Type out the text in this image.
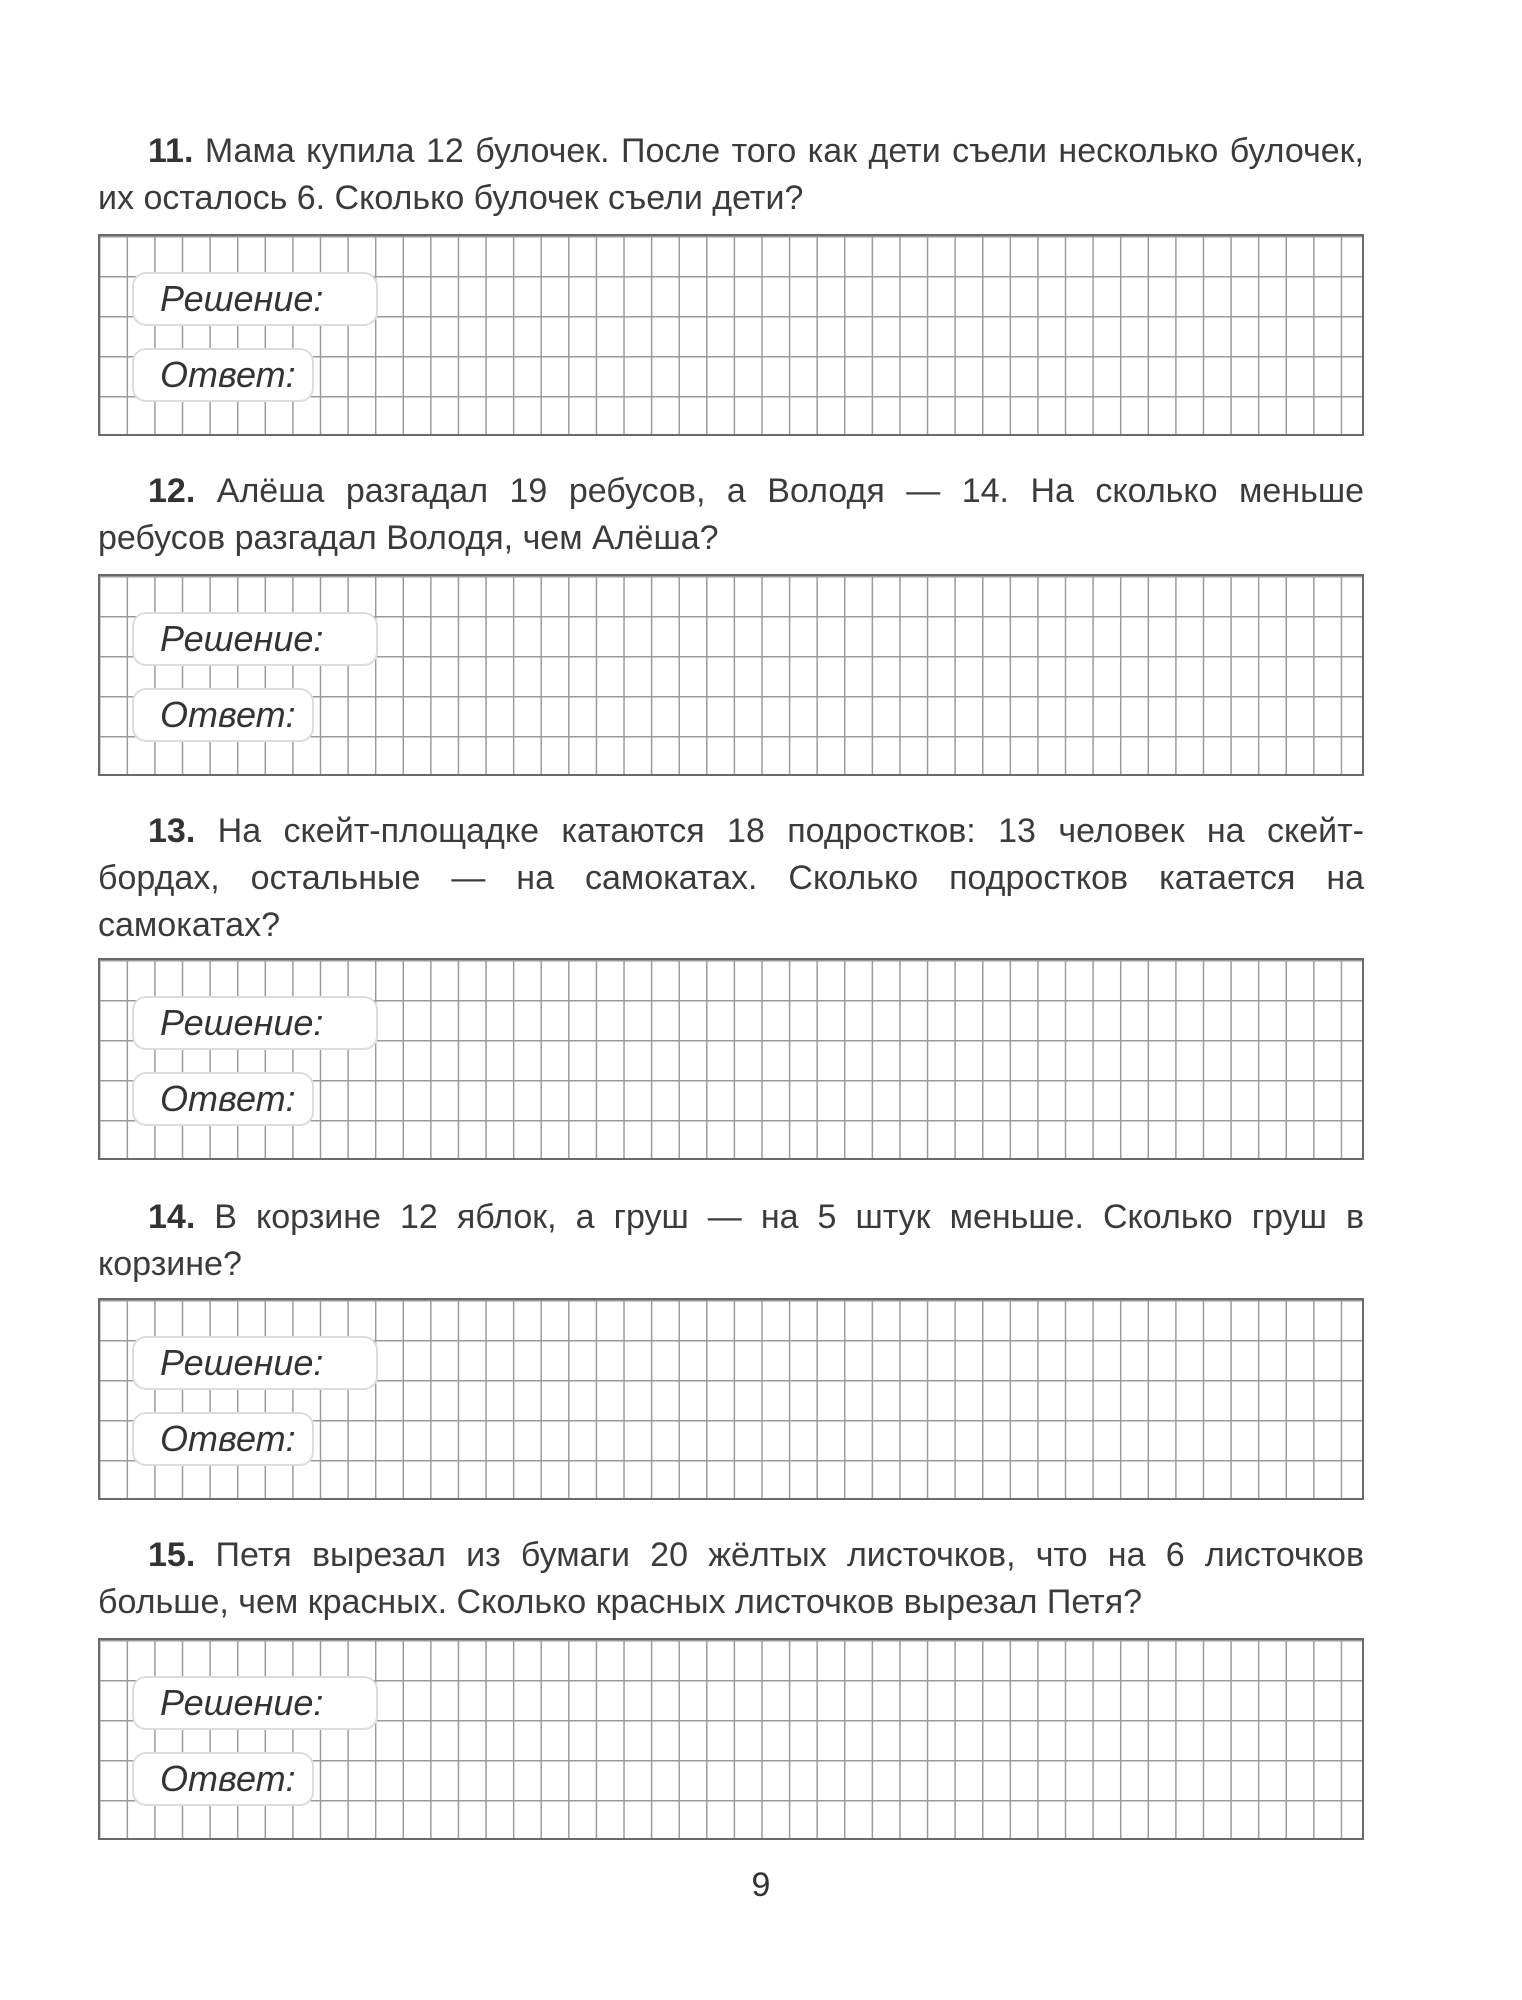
11. Мама купила 12 булочек. После того как дети съели несколько булочек, их осталось 6. Сколько булочек съели дети?

Решение:
Ответ:

12. Алёша разгадал 19 ребусов, а Володя — 14. На сколько меньше ребусов разгадал Володя, чем Алёша?

Решение:
Ответ:

13. На скейт-площадке катаются 18 подростков: 13 человек на скейт-бордах, остальные — на самокатах. Сколько подростков катается на самокатах?

Решение:
Ответ:

14. В корзине 12 яблок, а груш — на 5 штук меньше. Сколько груш в корзине?

Решение:
Ответ:

15. Петя вырезал из бумаги 20 жёлтых листочков, что на 6 листочков больше, чем красных. Сколько красных листочков вырезал Петя?

Решение:
Ответ:
9
